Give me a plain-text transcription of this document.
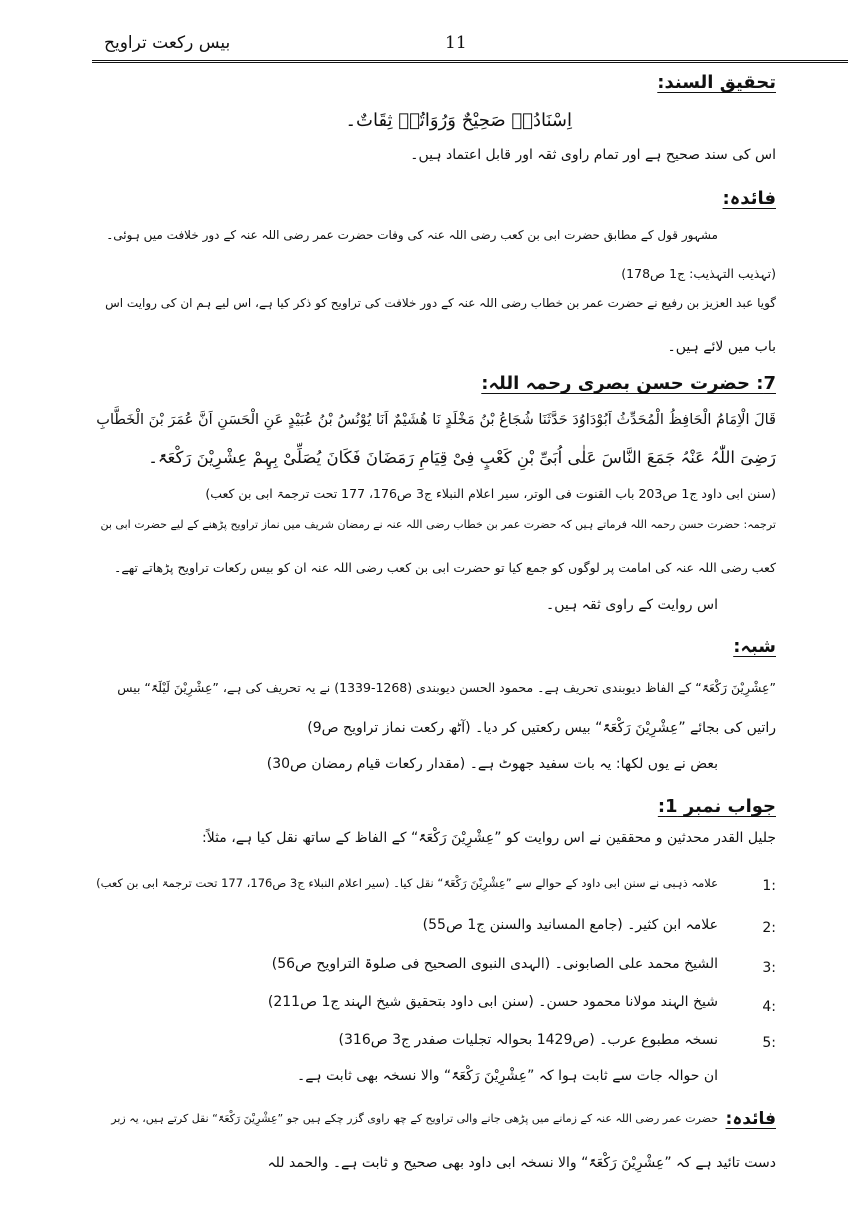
بیس رکعت تراویح	11
تحقیق السند:
اِسْنَادُہٗ صَحِیْحٌ وَرُوَاتُہٗ ثِقَاتٌ۔
اس کی سند صحیح ہے اور تمام راوی ثقہ اور قابل اعتماد ہیں۔
فائدہ:
مشہور قول کے مطابق حضرت ابی بن کعب رضی اللہ عنہ کی وفات حضرت عمر رضی اللہ عنہ کے دور خلافت میں ہوئی۔
(تہذیب التہذیب: ج1 ص178)
گویا عبد العزیز بن رفیع نے حضرت عمر بن خطاب رضی اللہ عنہ کے دور خلافت کی تراویح کو ذکر کیا ہے، اس لیے ہم ان کی روایت اس
باب میں لائے ہیں۔
7: حضرت حسن بصری رحمہ اللہ:
قَالَ الْاِمَامُ الْحَافِظُ الْمُحَدِّثُ اَبُوْدَاوُدَ حَدَّثَنَا شُجَاعُ بْنُ مَخْلَدٍ نَا ھُشَیْمٌ اَنَا یُوْنُسُ بْنُ عُبَیْدٍ عَنِ الْحَسَنِ اَنَّ عُمَرَ بْنَ الْخَطَّابِ
رَضِیَ اللّٰہُ عَنْہُ جَمَعَ النَّاسَ عَلٰی اُبَیِّ بْنِ کَعْبٍ فِیْ قِیَامِ رَمَضَانَ فَکَانَ یُصَلِّیْ بِہِمْ عِشْرِیْنَ رَکْعَۃً۔
(سنن ابی داود ج1 ص203 باب القنوت فی الوتر، سیر اعلام النبلاء ج3 ص176، 177 تحت ترجمۃ ابی بن کعب)
ترجمہ: حضرت حسن رحمہ اللہ فرماتے ہیں کہ حضرت عمر بن خطاب رضی اللہ عنہ نے رمضان شریف میں نماز تراویح پڑھنے کے لیے حضرت ابی بن
کعب رضی اللہ عنہ کی امامت پر لوگوں کو جمع کیا تو حضرت ابی بن کعب رضی اللہ عنہ ان کو بیس رکعات تراویح پڑھاتے تھے۔
اس روایت کے راوی ثقہ ہیں۔
شبہ:
”عِشْرِیْنَ رَکْعَۃً“ کے الفاظ دیوبندی تحریف ہے۔ محمود الحسن دیوبندی (1268-1339) نے یہ تحریف کی ہے، ”عِشْرِیْنَ لَیْلَۃً“ بیس
راتیں کی بجائے ”عِشْرِیْنَ رَکْعَۃً“ بیس رکعتیں کر دیا۔ (آٹھ رکعت نماز تراویح ص9)
بعض نے یوں لکھا: یہ بات سفید جھوٹ ہے۔ (مقدار رکعات قیام رمضان ص30)
جواب نمبر 1:
جلیل القدر محدثین و محققین نے اس روایت کو ”عِشْرِیْنَ رَکْعَۃً“ کے الفاظ کے ساتھ نقل کیا ہے، مثلاً:
1:
علامہ ذہبی نے سنن ابی داود کے حوالے سے ”عِشْرِیْنَ رَکْعَۃً“ نقل کیا۔ (سیر اعلام النبلاء ج3 ص176، 177 تحت ترجمۃ ابی بن کعب)
2:
علامہ ابن کثیر۔ (جامع المسانید والسنن ج1 ص55)
3:
الشیخ محمد علی الصابونی۔ (الہدی النبوی الصحیح فی صلوۃ التراویح ص56)
4:
شیخ الہند مولانا محمود حسن۔ (سنن ابی داود بتحقیق شیخ الہند ج1 ص211)
5:
نسخہ مطبوع عرب۔ (ص1429 بحوالہ تجلیات صفدر ج3 ص316)
ان حوالہ جات سے ثابت ہوا کہ ”عِشْرِیْنَ رَکْعَۃً“ والا نسخہ بھی ثابت ہے۔
فائدہ:
حضرت عمر رضی اللہ عنہ کے زمانے میں پڑھی جانے والی تراویح کے چھ راوی گزر چکے ہیں جو ”عِشْرِیْنَ رَکْعَۃً“ نقل کرتے ہیں، یہ زبر
دست تائید ہے کہ ”عِشْرِیْنَ رَکْعَۃً“ والا نسخہ ابی داود بھی صحیح و ثابت ہے۔ والحمد للہ
